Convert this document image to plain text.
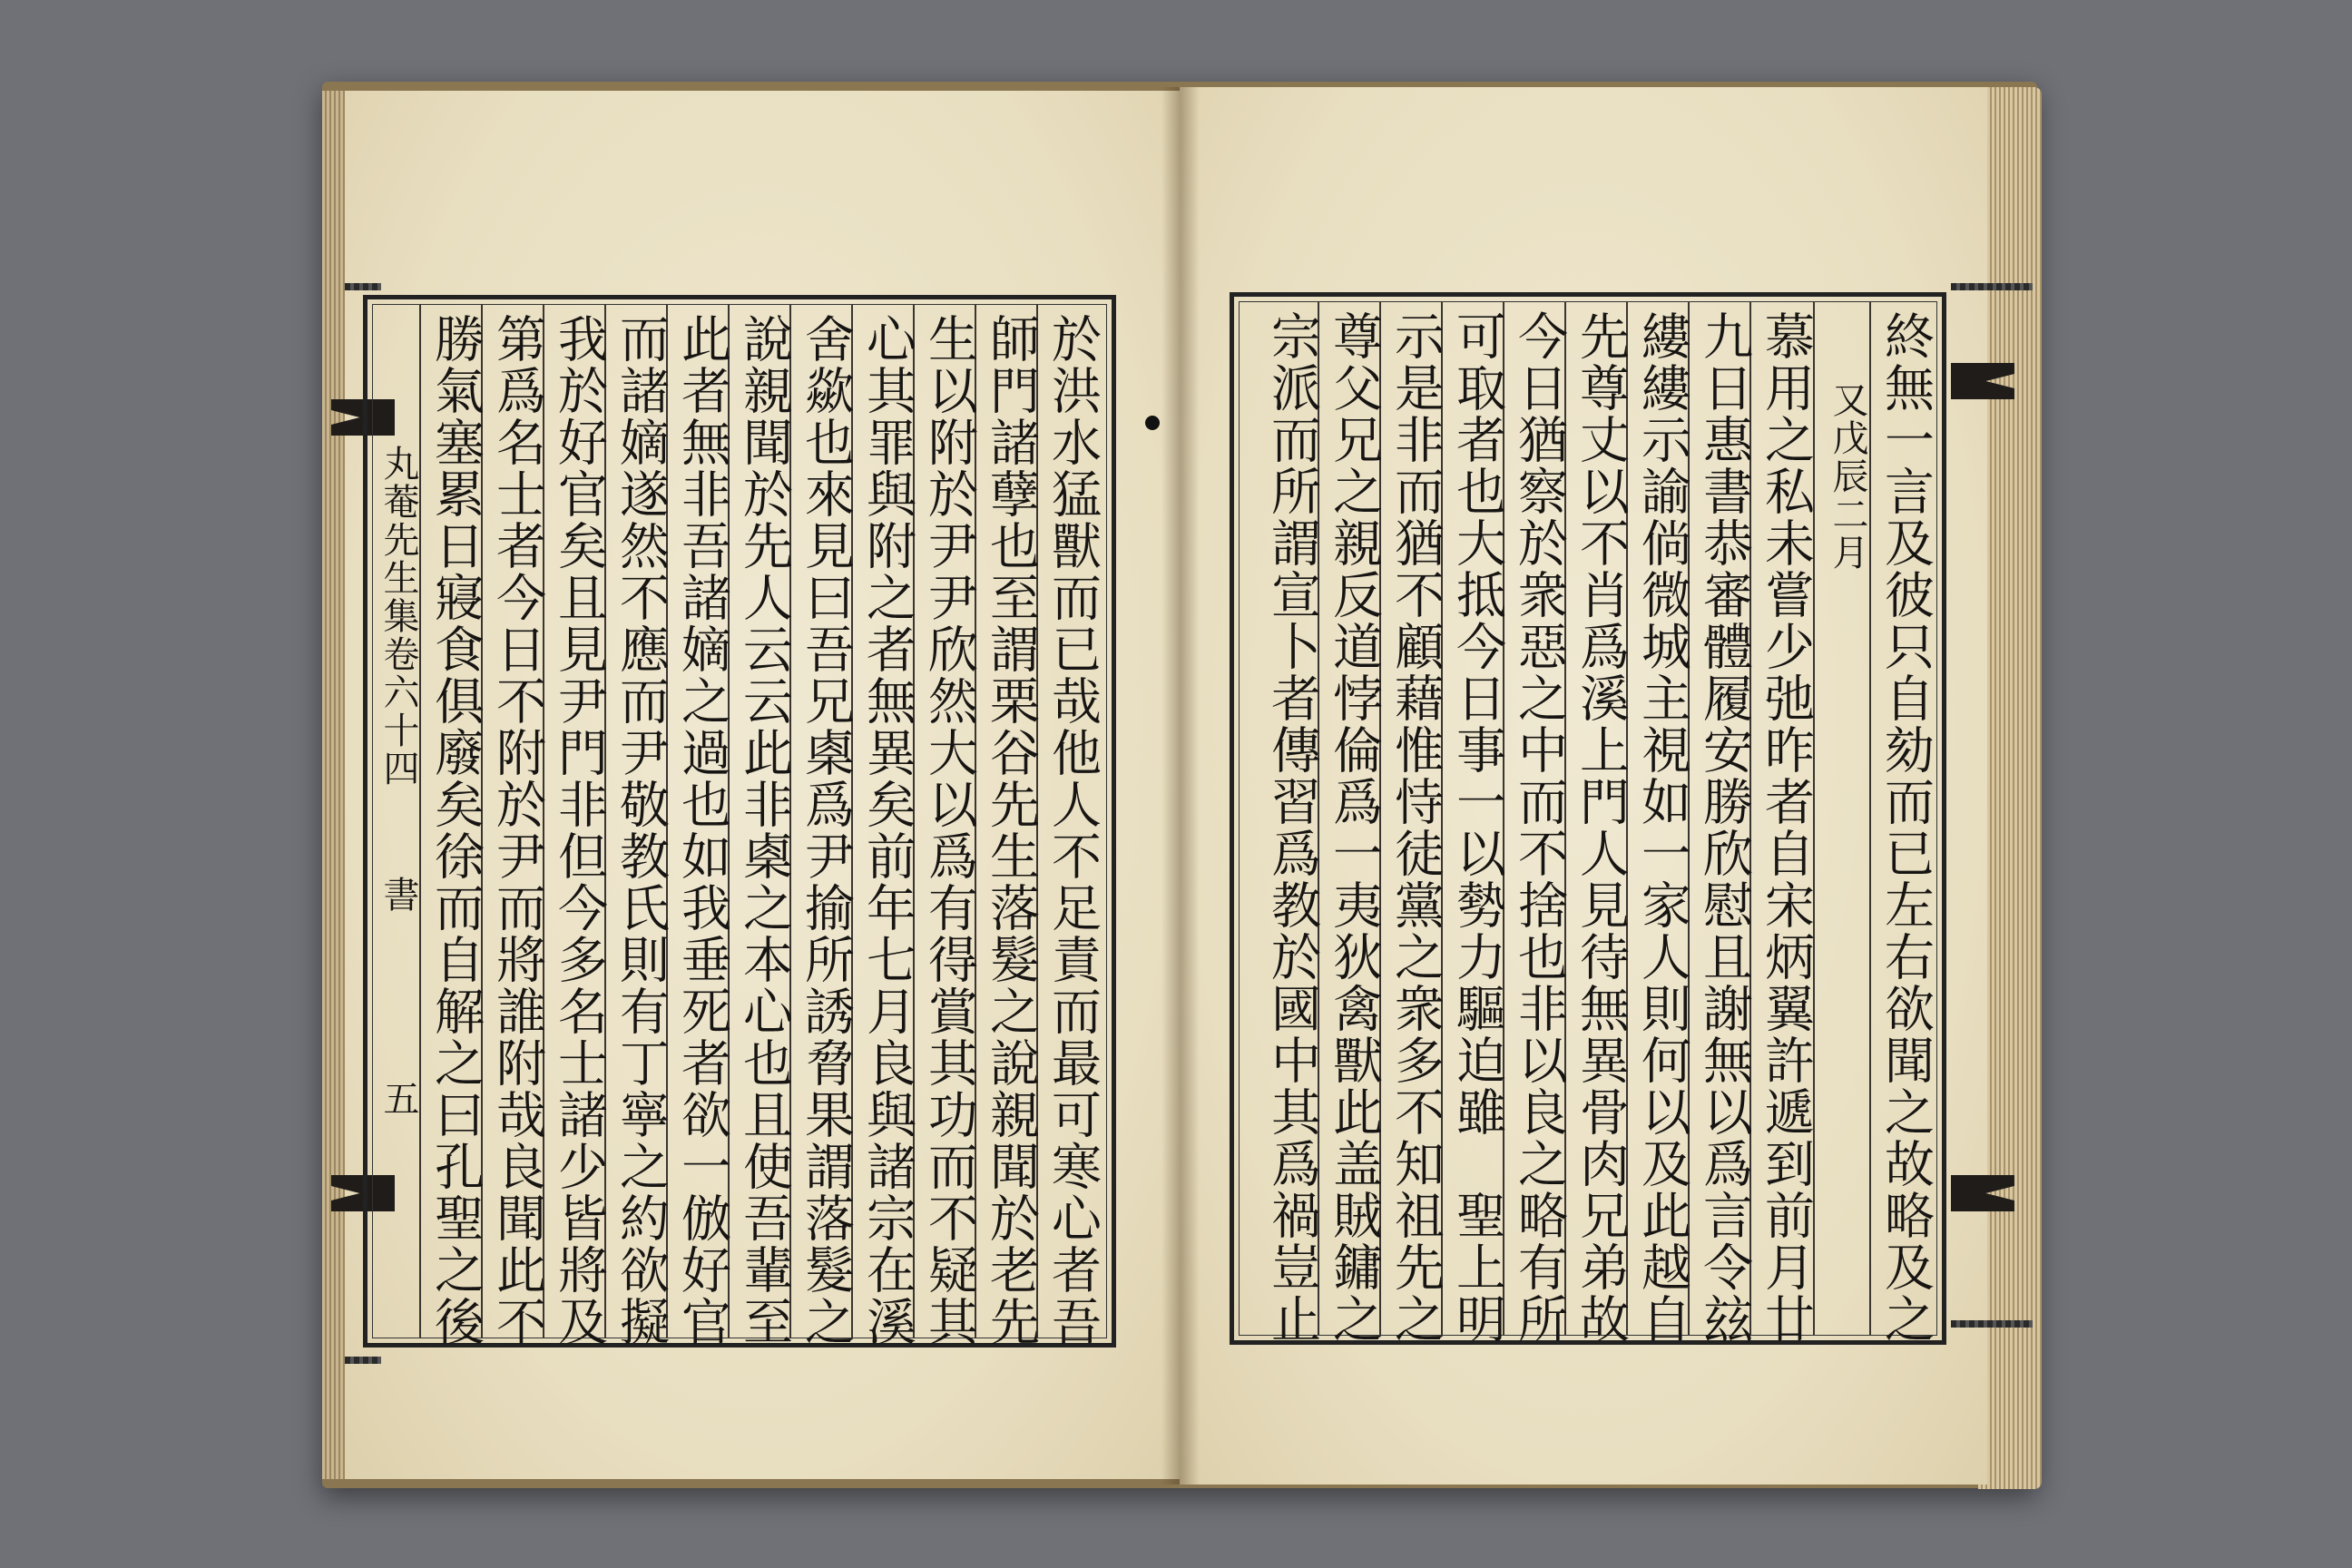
丸菴先生集卷六十四
書
五	於洪水猛獸而已哉他人不足責而最可寒心者吾
師門諸孽也至謂栗谷先生落髮之說親聞於老先
生以附於尹尹欣然大以爲有得賞其功而不疑其
心其罪與附之者無異矣前年七月良與諸宗在溪
舍歘也來見曰吾兄㮚爲尹揄所誘脅果謂落髮之
說親聞於先人云云此非㮚之本心也且使吾輩至
此者無非吾諸嫡之過也如我垂死者欲一倣好官
而諸嫡遂然不應而尹敬教氏則有丁寧之約欲擬
我於好官矣且見尹門非但今多名士諸少皆將及
第爲名士者今日不附於尹而將誰附哉良聞此不
勝氣塞累日寢食俱廢矣徐而自解之曰孔聖之後	終無一言及彼只自劾而已左右欲聞之故略及之
又戊辰二月
慕用之私未嘗少弛昨者自宋炳翼許遞到前月廿
九日惠書恭審體履安勝欣慰且謝無以爲言令玆
縷縷示諭倘微城主視如一家人則何以及此越自
先尊丈以不肖爲溪上門人見待無異骨肉兄弟故
今日猶察於衆惡之中而不捨也非以良之略有所
可取者也大抵今日事一以勢力驅迫雖　聖上明
示是非而猶不顧藉惟恃徒黨之衆多不知祖先之
尊父兄之親反道悖倫爲一夷狄禽獸此盖賊鏞之
宗派而所謂宣卜者傳習爲教於國中其爲禍豈止
